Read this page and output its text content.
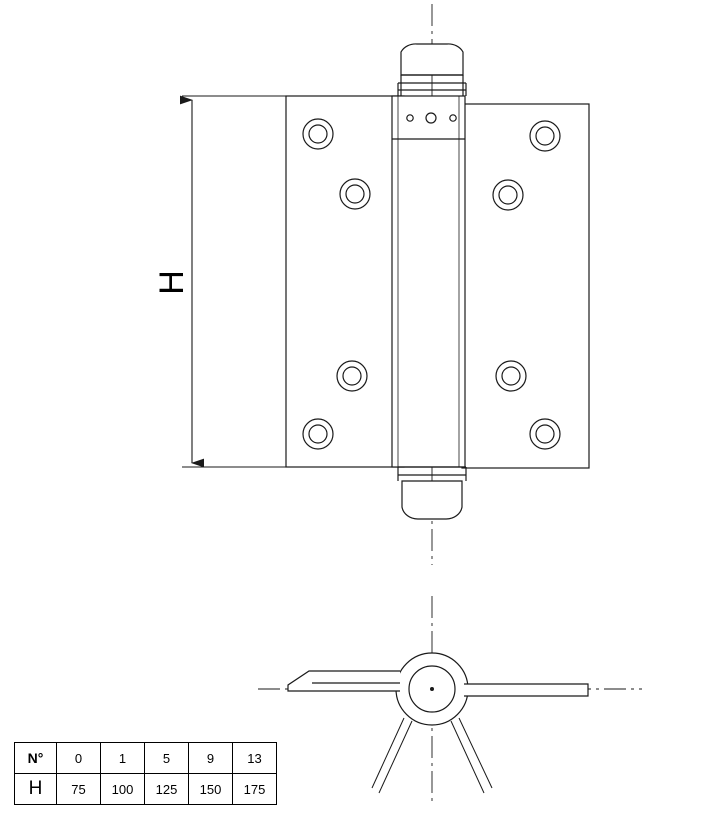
H
N°	0	1	5	9	13
H	75	100	125	150	175
